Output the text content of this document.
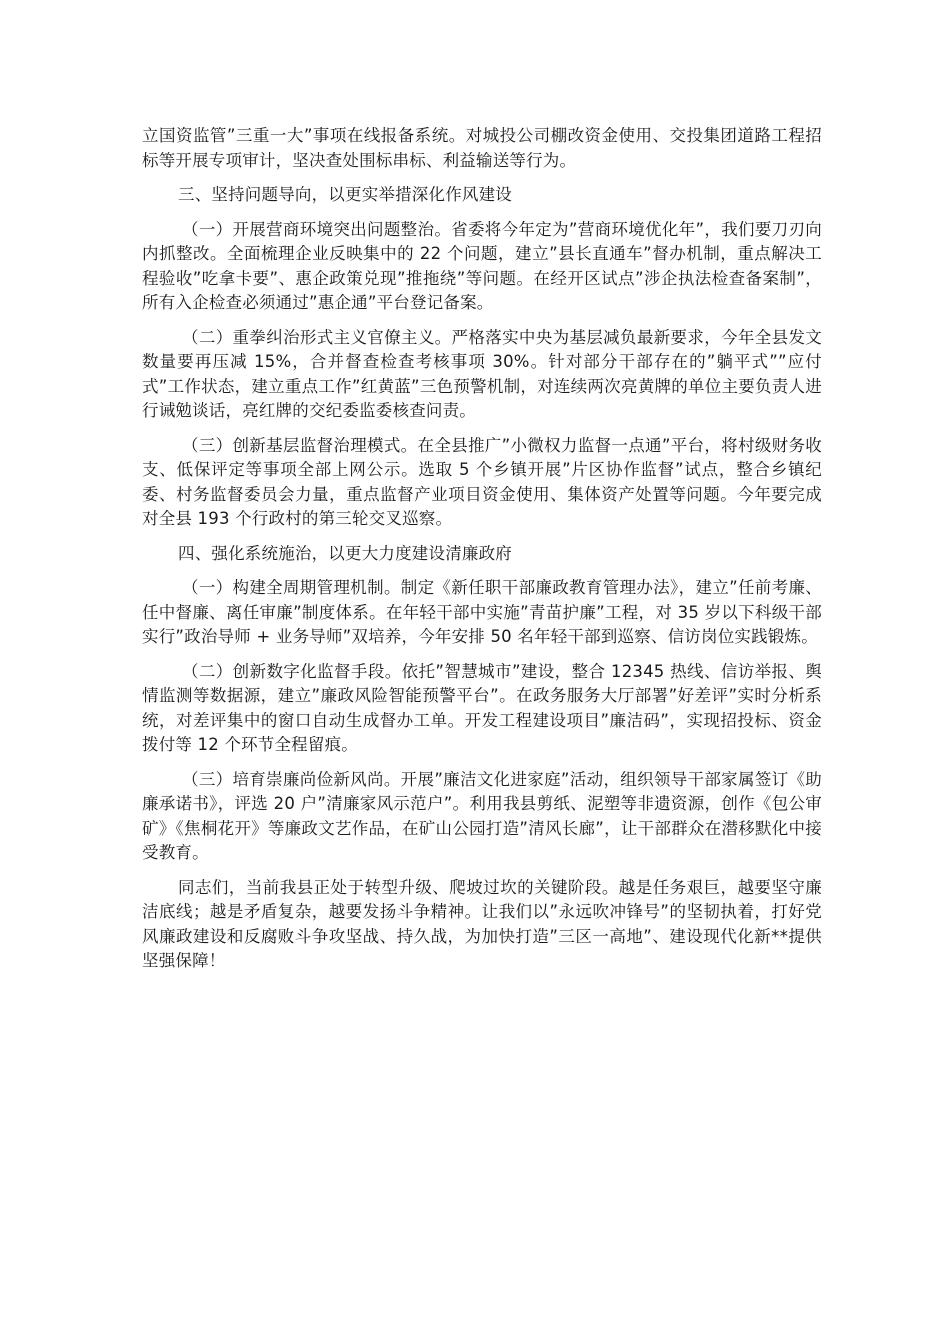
立国资监管”三重一大”事项在线报备系统。对城投公司棚改资金使用、交投集团道路工程招标等开展专项审计，坚决查处围标串标、利益输送等行为。

三、坚持问题导向，以更实举措深化作风建设

（一）开展营商环境突出问题整治。省委将今年定为”营商环境优化年”，我们要刀刃向内抓整改。全面梳理企业反映集中的 22 个问题，建立”县长直通车”督办机制，重点解决工程验收”吃拿卡要”、惠企政策兑现”推拖绕”等问题。在经开区试点”涉企执法检查备案制”，所有入企检查必须通过”惠企通”平台登记备案。

（二）重拳纠治形式主义官僚主义。严格落实中央为基层减负最新要求，今年全县发文数量要再压减 15%，合并督查检查考核事项 30%。针对部分干部存在的”躺平式””应付式”工作状态，建立重点工作”红黄蓝”三色预警机制，对连续两次亮黄牌的单位主要负责人进行诫勉谈话，亮红牌的交纪委监委核查问责。

（三）创新基层监督治理模式。在全县推广”小微权力监督一点通”平台，将村级财务收支、低保评定等事项全部上网公示。选取 5 个乡镇开展”片区协作监督”试点，整合乡镇纪委、村务监督委员会力量，重点监督产业项目资金使用、集体资产处置等问题。今年要完成对全县 193 个行政村的第三轮交叉巡察。

四、强化系统施治，以更大力度建设清廉政府

（一）构建全周期管理机制。制定《新任职干部廉政教育管理办法》，建立”任前考廉、任中督廉、离任审廉”制度体系。在年轻干部中实施”青苗护廉”工程，对 35 岁以下科级干部实行”政治导师 + 业务导师”双培养，今年安排 50 名年轻干部到巡察、信访岗位实践锻炼。

（二）创新数字化监督手段。依托”智慧城市”建设，整合 12345 热线、信访举报、舆情监测等数据源，建立”廉政风险智能预警平台”。在政务服务大厅部署”好差评”实时分析系统，对差评集中的窗口自动生成督办工单。开发工程建设项目”廉洁码”，实现招投标、资金拨付等 12 个环节全程留痕。

（三）培育崇廉尚俭新风尚。开展”廉洁文化进家庭”活动，组织领导干部家属签订《助廉承诺书》，评选 20 户”清廉家风示范户”。利用我县剪纸、泥塑等非遗资源，创作《包公审矿》《焦桐花开》等廉政文艺作品，在矿山公园打造”清风长廊”，让干部群众在潜移默化中接受教育。

同志们，当前我县正处于转型升级、爬坡过坎的关键阶段。越是任务艰巨，越要坚守廉洁底线；越是矛盾复杂，越要发扬斗争精神。让我们以”永远吹冲锋号”的坚韧执着，打好党风廉政建设和反腐败斗争攻坚战、持久战，为加快打造”三区一高地”、建设现代化新**提供坚强保障！
